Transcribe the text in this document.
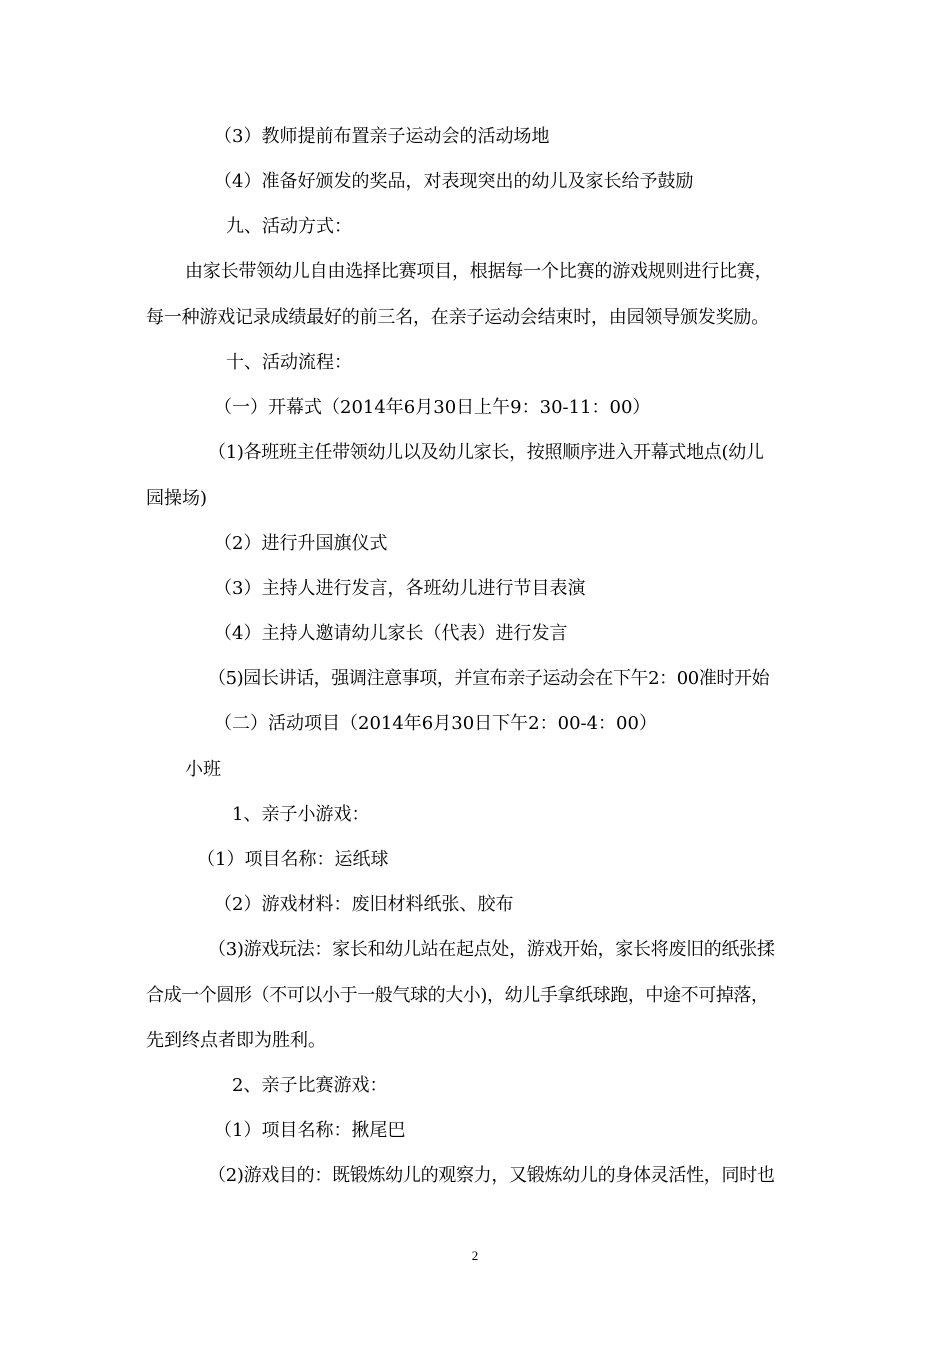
（3）教师提前布置亲子运动会的活动场地
（4）准备好颁发的奖品，对表现突出的幼儿及家长给予鼓励
九、活动方式：
由家长带领幼儿自由选择比赛项目，根据每一个比赛的游戏规则进行比赛，
每一种游戏记录成绩最好的前三名，在亲子运动会结束时，由园领导颁发奖励。
十、活动流程：
（一）开幕式（2014年6月30日上午9：30-11：00）
（1)各班班主任带领幼儿以及幼儿家长，按照顺序进入开幕式地点(幼儿
园操场)
（2）进行升国旗仪式
（3）主持人进行发言，各班幼儿进行节目表演
（4）主持人邀请幼儿家长（代表）进行发言
（5)园长讲话，强调注意事项，并宣布亲子运动会在下午2：00准时开始
（二）活动项目（2014年6月30日下午2：00-4：00）
小班
1、亲子小游戏：
（1）项目名称：运纸球
（2）游戏材料：废旧材料纸张、胶布
（3)游戏玩法：家长和幼儿站在起点处，游戏开始，家长将废旧的纸张揉
合成一个圆形（不可以小于一般气球的大小)，幼儿手拿纸球跑，中途不可掉落，
先到终点者即为胜利。
2、亲子比赛游戏：
（1）项目名称：揪尾巴
（2)游戏目的：既锻炼幼儿的观察力，又锻炼幼儿的身体灵活性，同时也
2
